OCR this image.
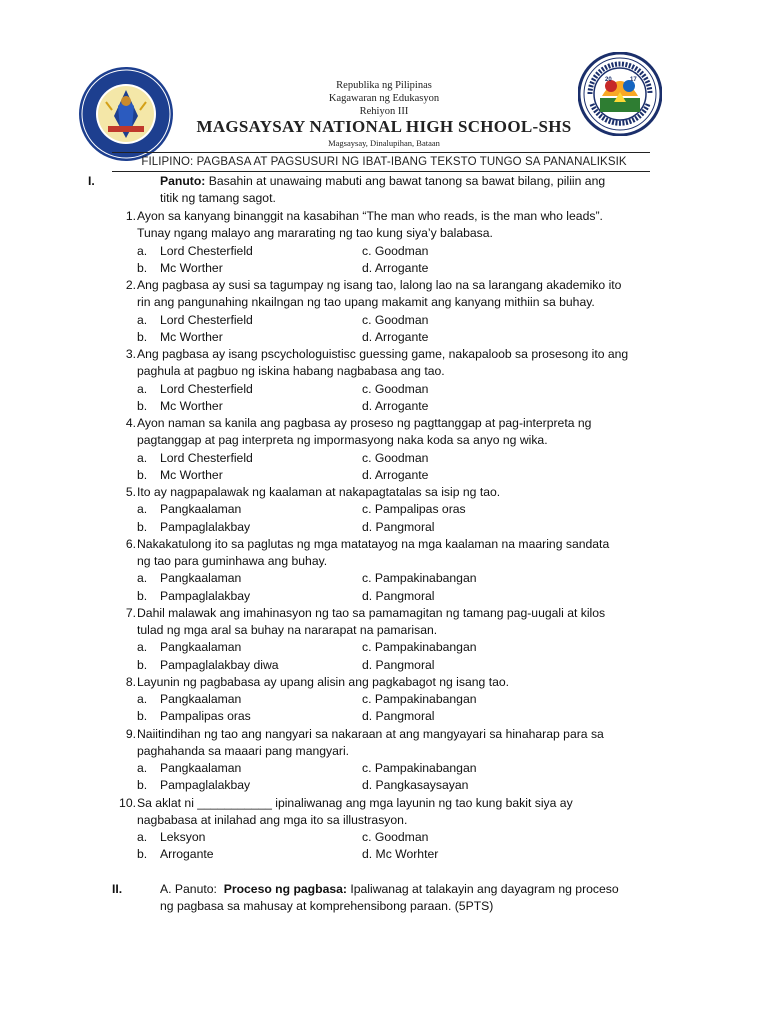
20	17
Republika ng Pilipinas
Kagawaran ng Edukasyon
Rehiyon III
MAGSAYSAY NATIONAL HIGH SCHOOL-SHS
Magsaysay, Dinalupihan, Bataan
FILIPINO: PAGBASA AT PAGSUSURI NG IBAT-IBANG TEKSTO TUNGO SA PANANALIKSIK
I.	Panuto: Basahin at unawaing mabuti ang bawat tanong sa bawat bilang, piliin ang
titik ng tamang sagot.
1. Ayon sa kanyang binanggit na kasabihan “The man who reads, is the man who leads”.
Tunay ngang malayo ang mararating ng tao kung siya’y balabasa.
a. Lord Chesterfield	c. Goodman
b. Mc Worther	d. Arrogante
2. Ang pagbasa ay susi sa tagumpay ng isang tao, lalong lao na sa larangang akademiko ito
rin ang pangunahing nkailngan ng tao upang makamit ang kanyang mithiin sa buhay.
a. Lord Chesterfield	c. Goodman
b. Mc Worther	d. Arrogante
3. Ang pagbasa ay isang pscychologuistisc guessing game, nakapaloob sa prosesong ito ang
paghula at pagbuo ng iskina habang nagbabasa ang tao.
a. Lord Chesterfield	c. Goodman
b. Mc Worther	d. Arrogante
4. Ayon naman sa kanila ang pagbasa ay proseso ng pagttanggap at pag-interpreta ng
pagtanggap at pag interpreta ng impormasyong naka koda sa anyo ng wika.
a. Lord Chesterfield	c. Goodman
b. Mc Worther	d. Arrogante
5. Ito ay nagpapalawak ng kaalaman at nakapagtatalas sa isip ng tao.
a. Pangkaalaman	c. Pampalipas oras
b. Pampaglalakbay	d. Pangmoral
6. Nakakatulong ito sa paglutas ng mga matatayog na mga kaalaman na maaring sandata
ng tao para guminhawa ang buhay.
a. Pangkaalaman	c. Pampakinabangan
b. Pampaglalakbay	d. Pangmoral
7. Dahil malawak ang imahinasyon ng tao sa pamamagitan ng tamang pag-uugali at kilos
tulad ng mga aral sa buhay na nararapat na pamarisan.
a. Pangkaalaman	c. Pampakinabangan
b. Pampaglalakbay diwa	d. Pangmoral
8. Layunin ng pagbabasa ay upang alisin ang pagkabagot ng isang tao.
a. Pangkaalaman	c. Pampakinabangan
b. Pampalipas oras	d. Pangmoral
9. Naiitindihan ng tao ang nangyari sa nakaraan at ang mangyayari sa hinaharap para sa
paghahanda sa maaari pang mangyari.
a. Pangkaalaman	c. Pampakinabangan
b. Pampaglalakbay	d. Pangkasaysayan
10. Sa aklat ni ___________ ipinaliwanag ang mga layunin ng tao kung bakit siya ay
nagbabasa at inilahad ang mga ito sa illustrasyon.
a. Leksyon	c. Goodman
b. Arrogante	d. Mc Worhter
II.	A. Panuto: Proceso ng pagbasa: Ipaliwanag at talakayin ang dayagram ng proceso
ng pagbasa sa mahusay at komprehensibong paraan. (5PTS)
